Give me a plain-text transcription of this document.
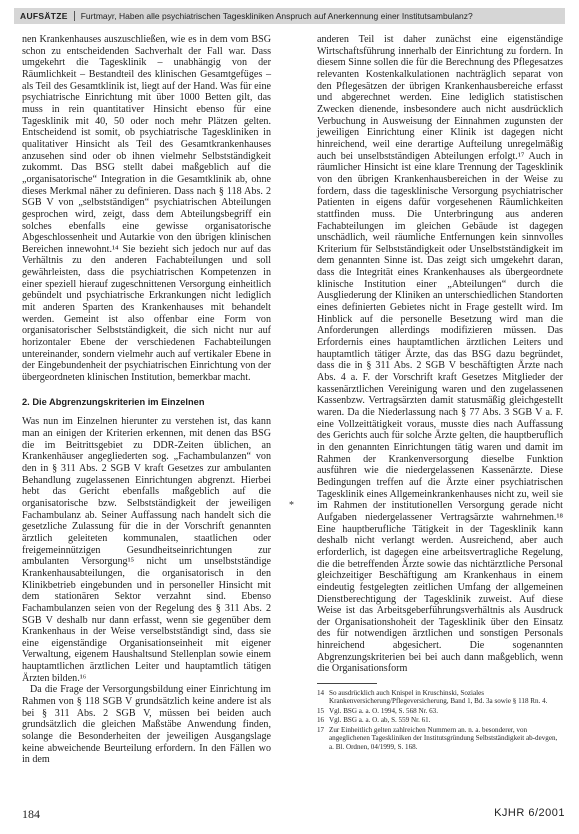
AUFSÄTZE	Furtmayr, Haben alle psychiatrischen Tageskliniken Anspruch auf Anerkennung einer Institutsambulanz?

nen Krankenhauses auszuschließen, wie es in dem vom BSG schon zu entscheidenden Sachverhalt der Fall war. Dass umgekehrt die Tagesklinik – unabhängig von der Räumlichkeit – Bestandteil des klinischen Gesamtgefüges – als Teil des Gesamtklinik ist, liegt auf der Hand. Was für eine psychiatrische Einrichtung mit über 1000 Betten gilt, das muss in rein quantitativer Hinsicht ebenso für eine Tagesklinik mit 40, 50 oder noch mehr Plätzen gelten. Entscheidend ist somit, ob psychiatrische Tageskliniken in qualitativer Hinsicht als Teil des Gesamtkrankenhauses anzusehen sind oder ob ihnen vielmehr Selbstständigkeit zukommt. Das BSG stellt dabei maßgeblich auf die „organisatorische“ Integration in die Gesamtklinik ab, ohne dieses Merkmal näher zu definieren. Dass nach § 118 Abs. 2 SGB V von „selbstständigen“ psychiatrischen Abteilungen gesprochen wird, zeigt, dass dem Abteilungsbegriff ein solches ebenfalls eine gewisse organisatorische Abgeschlossenheit und Autarkie von den übrigen klinischen Bereichen innewohnt.¹⁴ Sie bezieht sich jedoch nur auf das Verhältnis zu den anderen Fachabteilungen und soll gewährleisten, dass die psychiatrischen Kompetenzen in einer speziell hierauf zugeschnittenen Versorgung einheitlich gebündelt und psychiatrische Erkrankungen nicht lediglich mit anderen Sparten des Krankenhauses mit behandelt werden. Gemeint ist also offenbar eine Form von organisatorischer Selbstständigkeit, die sich nicht nur auf horizontaler Ebene der verschiedenen Fachabteilungen untereinander, sondern vielmehr auch auf vertikaler Ebene in der Eingebundenheit der psychiatrischen Einrichtung von der übergeordneten klinischen Institution, bemerkbar macht.

2. Die Abgrenzungskriterien im Einzelnen

Was nun im Einzelnen hierunter zu verstehen ist, das kann man an einigen der Kriterien erkennen, mit denen das BSG die im Beitrittsgebiet zu DDR-Zeiten üblichen, an Krankenhäuser angegliederten sog. „Fachambulanzen“ von den in § 311 Abs. 2 SGB V kraft Gesetzes zur ambulanten Behandlung zugelassenen Einrichtungen abgrenzt. Hierbei hebt das Gericht ebenfalls maßgeblich auf die organisatorische bzw. Selbstständigkeit der jeweiligen Fachambulanz ab. Seiner Auffassung nach handelt sich die gesetzliche Zulassung für die in der Vorschrift genannten ärztlich geleiteten kommunalen, staatlichen oder freigemeinnützigen Gesundheitseinrichtungen zur ambulanten Versorgung¹⁵ nicht um unselbstständige Krankenhausabteilungen, die organisatorisch in den Klinikbetrieb eingebunden und in personeller Hinsicht mit dem stationären Sektor verzahnt sind. Ebenso Fachambulanzen seien von der Regelung des § 311 Abs. 2 SGB V deshalb nur dann erfasst, wenn sie gegenüber dem Krankenhaus in der Weise verselbstständigt sind, dass sie eine eigenständige Organisationseinheit mit eigener Verwaltung, eigenem Haushaltsund Stellenplan sowie einem hauptamtlichen ärztlichen Leiter und hauptamtlich tätigen Ärzten bilden.¹⁶

Da die Frage der Versorgungsbildung einer Einrichtung im Rahmen von § 118 SGB V grundsätzlich keine andere ist als bei § 311 Abs. 2 SGB V, müssen bei beiden auch grundsätzlich die gleichen Maßstäbe Anwendung finden, solange die Besonderheiten der jeweiligen Ausgangslage keine abweichende Beurteilung erfordern. In den Fällen wo in dem

*

anderen Teil ist daher zunächst eine eigenständige Wirtschaftsführung innerhalb der Einrichtung zu fordern. In diesem Sinne sollen die für die Berechnung des Pflegesatzes relevanten Kostenkalkulationen nachträglich separat von den Pflegesätzen der übrigen Krankenhausbereiche erfasst und abgerechnet werden. Eine lediglich statistischen Zwecken dienende, insbesondere auch nicht ausdrücklich Verbuchung in Ausweisung der Einnahmen zugunsten der jeweiligen Einrichtung einer Klinik ist dagegen nicht hinreichend, weil eine derartige Aufteilung unregelmäßig auch bei unselbstständigen Abteilungen erfolgt.¹⁷ Auch in räumlicher Hinsicht ist eine klare Trennung der Tagesklinik von den übrigen Krankenhausbereichen in der Weise zu fordern, dass die tagesklinische Versorgung psychiatrischer Patienten in eigens dafür vorgesehenen Räumlichkeiten stattfinden muss. Die Unterbringung aus anderen Fachabteilungen im gleichen Gebäude ist dagegen unschädlich, weil räumliche Entfernungen kein sinnvolles Kriterium für Selbstständigkeit oder Unselbstständigkeit im dem genannten Sinne ist. Das zeigt sich umgekehrt daran, dass die Integrität eines Krankenhauses als übergeordnete klinische Institution einer „Abteilungen“ durch die Ausgliederung der Kliniken an unterschiedlichen Standorten eines definierten Gebietes nicht in Frage gestellt wird. Im Hinblick auf die personelle Besetzung wird man die Anforderungen allerdings modifizieren müssen. Das Erfordernis eines hauptamtlichen ärztlichen Leiters und hauptamtlich tätiger Ärzte, das das BSG dazu begründet, dass die in § 311 Abs. 2 SGB V beschäftigten Ärzte nach Abs. 4 a. F. der Vorschrift kraft Gesetzes Mitglieder der kassenärztlichen Vereinigung waren und den zugelassenen Kassenbzw. Vertragsärzten damit statusmäßig gleichgestellt waren. Da die Niederlassung nach § 77 Abs. 3 SGB V a. F. eine Vollzeittätigkeit voraus, musste dies nach Auffassung des Gerichts auch für solche Ärzte gelten, die hauptberuflich in den genannten Einrichtungen tätig waren und damit im Rahmen der Krankenversorgung dieselbe Funktion ausführen wie die niedergelassenen Kassenärzte. Diese Bedingungen treffen auf die Ärzte einer psychiatrischen Tagesklinik eines Allgemeinkrankenhauses nicht zu, weil sie im Rahmen der institutionellen Versorgung gerade nicht Aufgaben niedergelassener Vertragsärzte wahrnehmen.¹⁸ Eine hauptberufliche Tätigkeit in der Tagesklinik kann deshalb nicht verlangt werden. Ausreichend, aber auch erforderlich, ist dagegen eine arbeitsvertragliche Regelung, die die betreffenden Ärzte sowie das nichtärztliche Personal gleichzeitiger Beschäftigung am Krankenhaus in einem eindeutig festgelegten zeitlichen Umfang der allgemeinen Dienstberechtigung der Tagesklinik zuweist. Auf diese Weise ist das Arbeitsgeberführungsverhältnis als Ausdruck der Organisationshoheit der Tagesklinik über den Einsatz des für notwendigen ärztlichen und sonstigen Personals hinreichend abgesichert. Die sogenannten Abgrenzungskriterien bei bei auch dann maßgeblich, wenn die Organisationsform

14 So ausdrücklich auch Knispel in Kruschinski, Soziales Krankenversicherung/Pflegeversicherung, Band 1, Bd. 3a sowie § 118 Rn. 4.
15 Vgl. BSG a. a. O. 1994, S. 568 Nr. 63.
16 Vgl. BSG a. a. O. ab, S. 559 Nr. 61.
17 Zur Einheitlich gelten zahlreichen Nummern an. n. a. besonderer, von angeglichenen Tageskliniken der Institutsgründung Selbstständigkeit ab-devgen, a. Bl. Ordnen, 04/1999, S. 168.
184	KJHR 6/2001
